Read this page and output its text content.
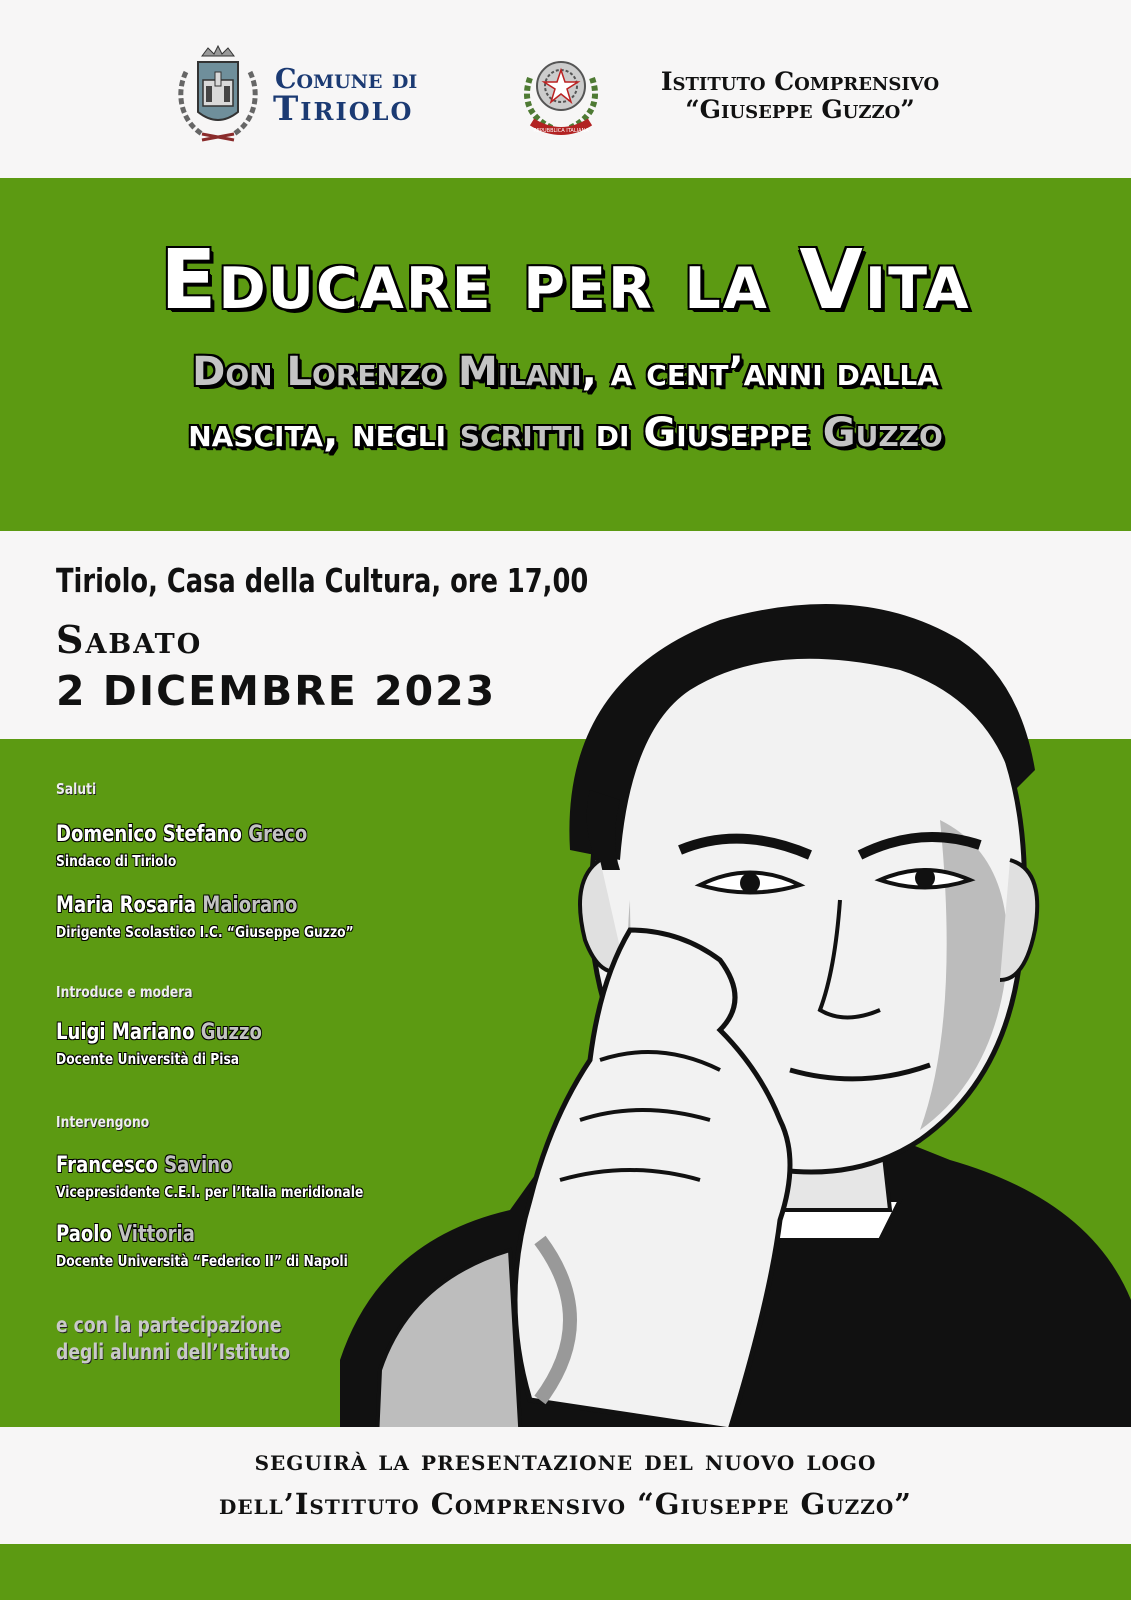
Comune di
Tiriolo
REPUBBLICA ITALIANA
Istituto Comprensivo
“Giuseppe Guzzo”
Educare per la Vita
Don Lorenzo Milani, a cent’anni dalla
nascita, negli scritti di Giuseppe Guzzo
Tiriolo, Casa della Cultura, ore 17,00
Sabato
2 DICEMBRE 2023
Saluti
Domenico Stefano Greco
Sindaco di Tiriolo
Maria Rosaria Maiorano
Dirigente Scolastico I.C. “Giuseppe Guzzo”
Introduce e modera
Luigi Mariano Guzzo
Docente Università di Pisa
Intervengono
Francesco Savino
Vicepresidente C.E.I. per l’Italia meridionale
Paolo Vittoria
Docente Università “Federico II” di Napoli
e con la partecipazione
degli alunni dell’Istituto
seguirà la presentazione del nuovo logo
dell’Istituto Comprensivo “Giuseppe Guzzo”
